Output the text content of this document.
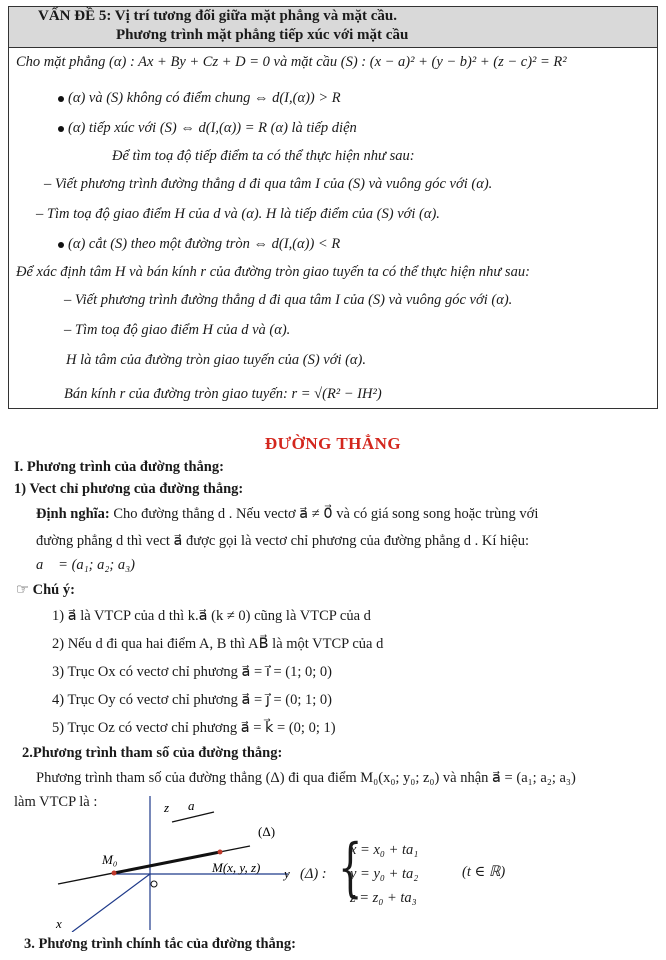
VẤN ĐỀ 5: Vị trí tương đối giữa mặt phẳng và mặt cầu.
Phương trình mặt phẳng tiếp xúc với mặt cầu
Cho mặt phẳng (α) : Ax + By + Cz + D = 0 và mặt cầu (S) : (x − a)² + (y − b)² + (z − c)² = R²
(α) và (S) không có điểm chung ⇔ d(I,(α)) > R
(α) tiếp xúc với (S) ⇔ d(I,(α)) = R (α) là tiếp diện
Để tìm toạ độ tiếp điểm ta có thể thực hiện như sau:
– Viết phương trình đường thẳng d đi qua tâm I của (S) và vuông góc với (α).
– Tìm toạ độ giao điểm H của d và (α). H là tiếp điểm của (S) với (α).
(α) cắt (S) theo một đường tròn ⇔ d(I,(α)) < R
Để xác định tâm H và bán kính r của đường tròn giao tuyến ta có thể thực hiện như sau:
– Viết phương trình đường thẳng d đi qua tâm I của (S) và vuông góc với (α).
– Tìm toạ độ giao điểm H của d và (α).
H là tâm của đường tròn giao tuyến của (S) với (α).
Bán kính r của đường tròn giao tuyến: r = √(R² − IH²)
ĐƯỜNG THẲNG
I. Phương trình của đường thẳng:
1) Vect chỉ phương của đường thẳng:
Định nghĩa: Cho đường thẳng d . Nếu vectơ a⃗ ≠ 0⃗ và có giá song song hoặc trùng với
đường phẳng d thì vect a⃗ được gọi là vectơ chỉ phương của đường phẳng d . Kí hiệu:
a⃗ = (a₁; a₂; a₃)
☞ Chú ý:
1) a⃗ là VTCP của d thì k.a⃗ (k ≠ 0) cũng là VTCP của d
2) Nếu d đi qua hai điểm A, B thì AB⃗ là một VTCP của d
3) Trục Ox có vectơ chỉ phương a⃗ = i⃗ = (1; 0; 0)
4) Trục Oy có vectơ chỉ phương a⃗ = j⃗ = (0; 1; 0)
5) Trục Oz có vectơ chỉ phương a⃗ = k⃗ = (0; 0; 1)
2.Phương trình tham số của đường thẳng:
Phương trình tham số của đường thẳng (Δ) đi qua điểm M₀(x₀; y₀; z₀) và nhận a⃗ = (a₁; a₂; a₃)
làm VTCP là :	z a⃗
(Δ)
M₀
M(x, y, z) y
x
(Δ) : {
x = x₀ + ta₁
y = y₀ + ta₂
z = z₀ + ta₃
(t ∈ ℝ)
3. Phương trình chính tắc của đường thẳng:
